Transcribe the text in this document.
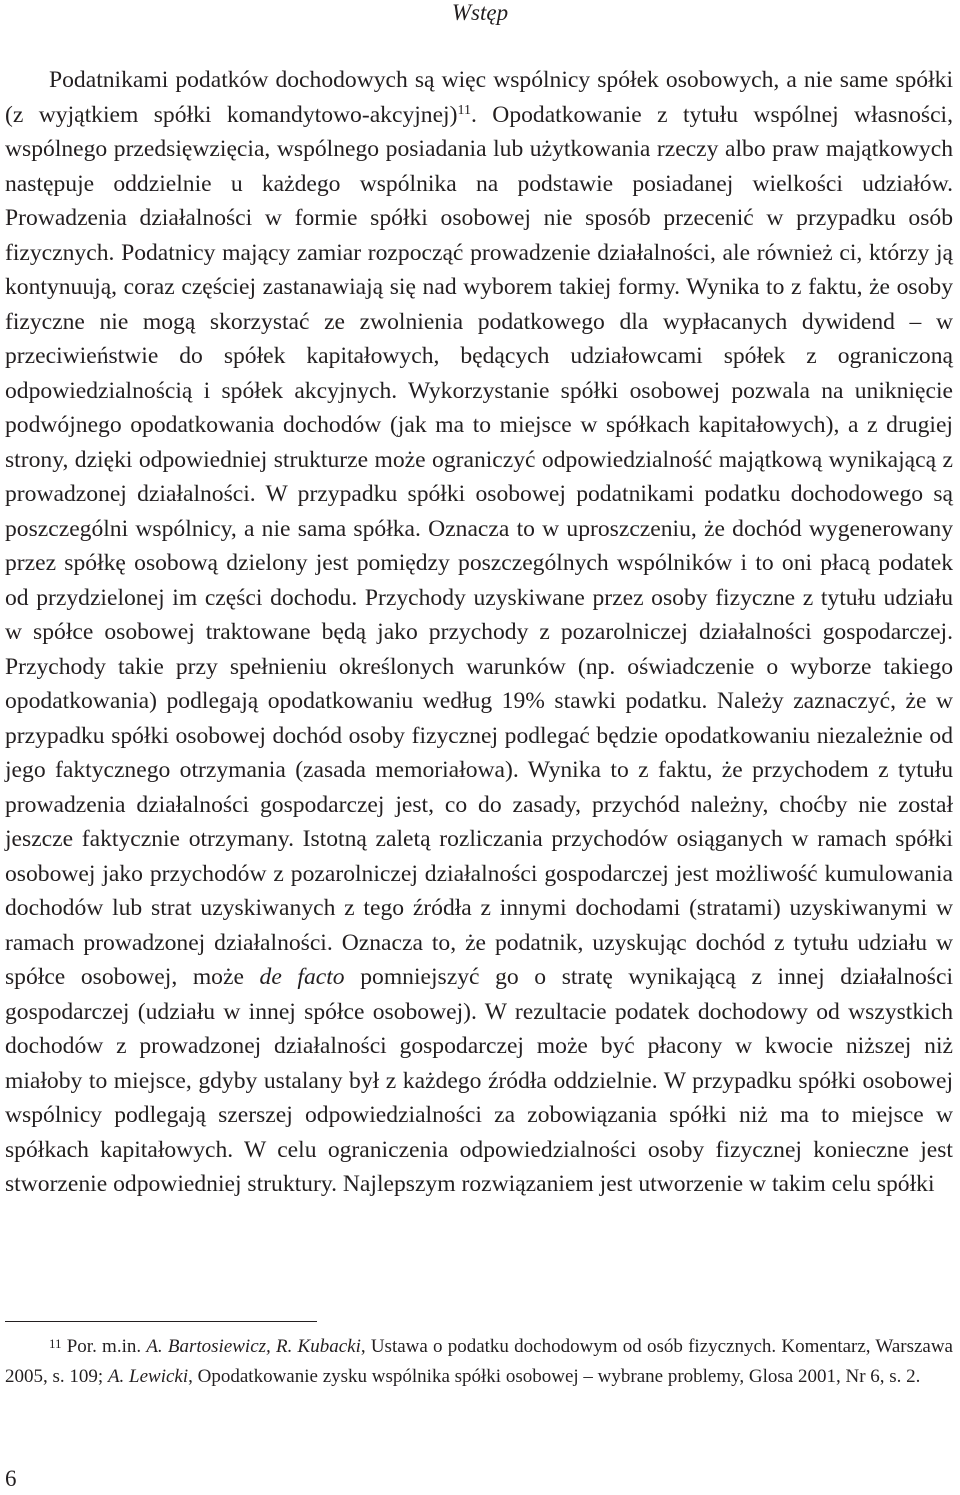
Wstęp

Podatnikami podatków dochodowych są więc wspólnicy spółek osobowych, a nie same spółki (z wyjątkiem spółki komandytowo-akcyjnej)$^{11}$. Opodatkowanie z tytułu wspólnej własności, wspólnego przedsięwzięcia, wspólnego posiadania lub użytkowania rzeczy albo praw majątkowych następuje oddzielnie u każdego wspólnika na podstawie posiadanej wielkości udziałów. Prowadzenia działalności w formie spółki osobowej nie sposób przecenić w przypadku osób fizycznych. Podatnicy mający zamiar rozpocząć prowadzenie działalności, ale również ci, którzy ją kontynuują, coraz częściej zastanawiają się nad wyborem takiej formy. Wynika to z faktu, że osoby fizyczne nie mogą skorzystać ze zwolnienia podatkowego dla wypłacanych dywidend – w przeciwieństwie do spółek kapitałowych, będących udziałowcami spółek z ograniczoną odpowiedzialnością i spółek akcyjnych. Wykorzystanie spółki osobowej pozwala na uniknięcie podwójnego opodatkowania dochodów (jak ma to miejsce w spółkach kapitałowych), a z drugiej strony, dzięki odpowiedniej strukturze może ograniczyć odpowiedzialność majątkową wynikającą z prowadzonej działalności. W przypadku spółki osobowej podatnikami podatku dochodowego są poszczególni wspólnicy, a nie sama spółka. Oznacza to w uproszczeniu, że dochód wygenerowany przez spółkę osobową dzielony jest pomiędzy poszczególnych wspólników i to oni płacą podatek od przydzielonej im części dochodu. Przychody uzyskiwane przez osoby fizyczne z tytułu udziału w spółce osobowej traktowane będą jako przychody z pozarolniczej działalności gospodarczej. Przychody takie przy spełnieniu określonych warunków (np. oświadczenie o wyborze takiego opodatkowania) podlegają opodatkowaniu według 19% stawki podatku. Należy zaznaczyć, że w przypadku spółki osobowej dochód osoby fizycznej podlegać będzie opodatkowaniu niezależnie od jego faktycznego otrzymania (zasada memoriałowa). Wynika to z faktu, że przychodem z tytułu prowadzenia działalności gospodarczej jest, co do zasady, przychód należny, choćby nie został jeszcze faktycznie otrzymany. Istotną zaletą rozliczania przychodów osiąganych w ramach spółki osobowej jako przychodów z pozarolniczej działalności gospodarczej jest możliwość kumulowania dochodów lub strat uzyskiwanych z tego źródła z innymi dochodami (stratami) uzyskiwanymi w ramach prowadzonej działalności. Oznacza to, że podatnik, uzyskując dochód z tytułu udziału w spółce osobowej, może de facto pomniejszyć go o stratę wynikającą z innej działalności gospodarczej (udziału w innej spółce osobowej). W rezultacie podatek dochodowy od wszystkich dochodów z prowadzonej działalności gospodarczej może być płacony w kwocie niższej niż miałoby to miejsce, gdyby ustalany był z każdego źródła oddzielnie. W przypadku spółki osobowej wspólnicy podlegają szerszej odpowiedzialności za zobowiązania spółki niż ma to miejsce w spółkach kapitałowych. W celu ograniczenia odpowiedzialności osoby fizycznej konieczne jest stworzenie odpowiedniej struktury. Najlepszym rozwiązaniem jest utworzenie w takim celu spółki

$^{11}$ Por. m.in. A. Bartosiewicz, R. Kubacki, Ustawa o podatku dochodowym od osób fizycznych. Komentarz, Warszawa 2005, s. 109; A. Lewicki, Opodatkowanie zysku wspólnika spółki osobowej – wybrane problemy, Glosa 2001, Nr 6, s. 2.

6
